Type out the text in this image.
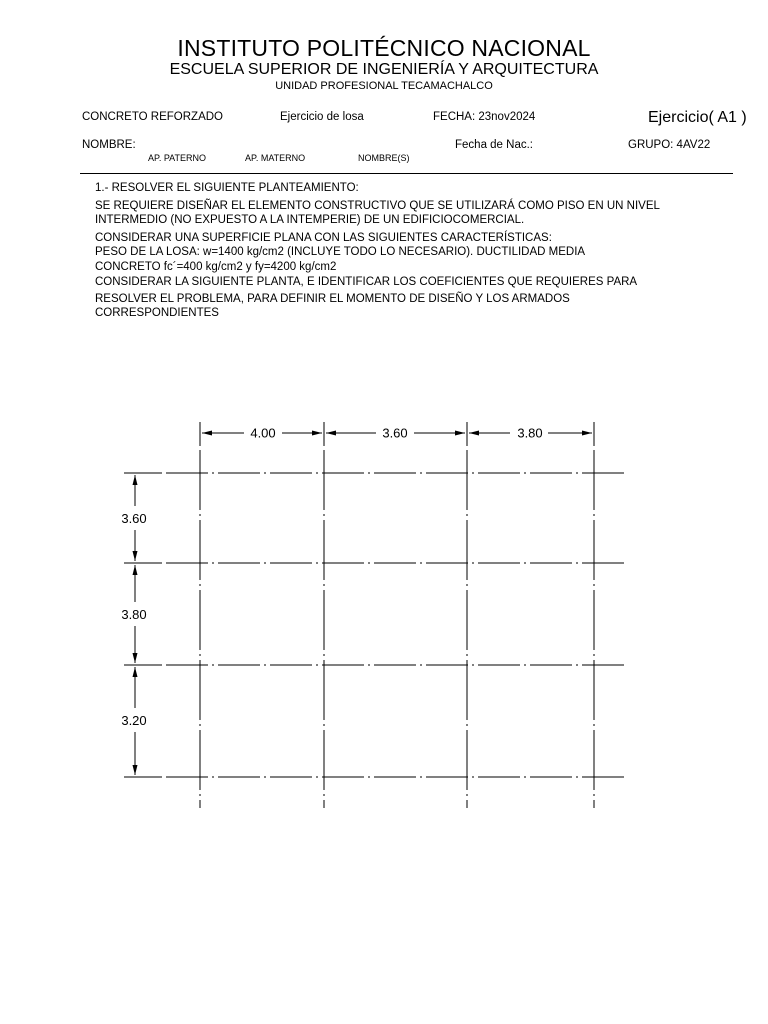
INSTITUTO POLITÉCNICO NACIONAL
ESCUELA SUPERIOR DE INGENIERÍA Y ARQUITECTURA
UNIDAD PROFESIONAL TECAMACHALCO
CONCRETO REFORZADO	Ejercicio de losa	FECHA: 23nov2024	Ejercicio( A1 )
NOMBRE:	Fecha de Nac.:	GRUPO: 4AV22
AP. PATERNO	AP. MATERNO	NOMBRE(S)
1.- RESOLVER EL SIGUIENTE PLANTEAMIENTO:
SE REQUIERE DISEÑAR EL ELEMENTO CONSTRUCTIVO QUE SE UTILIZARÁ COMO PISO EN UN NIVEL
INTERMEDIO (NO EXPUESTO A LA INTEMPERIE) DE UN EDIFICIOCOMERCIAL.
CONSIDERAR UNA SUPERFICIE PLANA CON LAS SIGUIENTES CARACTERÍSTICAS:
PESO DE LA LOSA: w=1400 kg/cm2 (INCLUYE TODO LO NECESARIO). DUCTILIDAD MEDIA
CONCRETO fc´=400 kg/cm2 y fy=4200 kg/cm2
CONSIDERAR LA SIGUIENTE PLANTA, E IDENTIFICAR LOS COEFICIENTES QUE REQUIERES PARA
RESOLVER EL PROBLEMA, PARA DEFINIR EL MOMENTO DE DISEÑO Y LOS ARMADOS
CORRESPONDIENTES
4.00	3.60	3.80
3.60
3.80
3.20
